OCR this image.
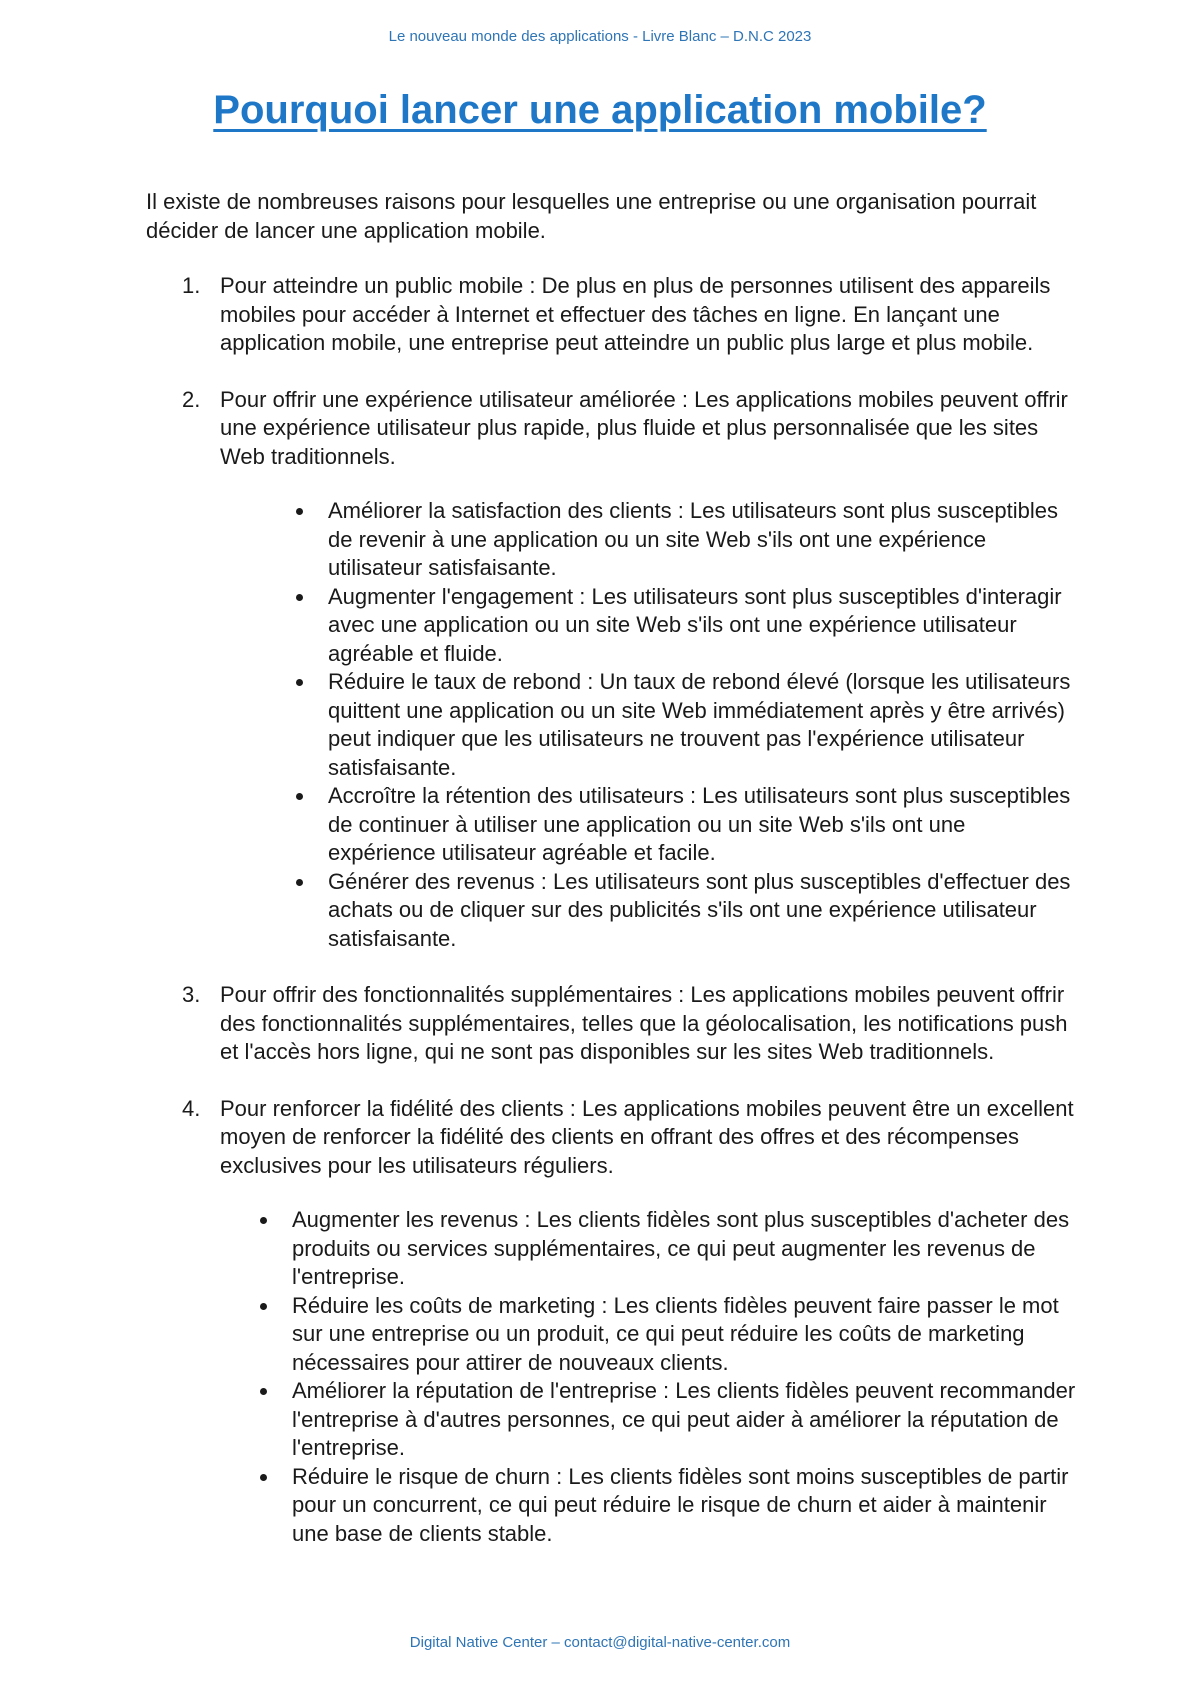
Le nouveau monde des applications - Livre Blanc – D.N.C 2023
Pourquoi lancer une application mobile?

Il existe de nombreuses raisons pour lesquelles une entreprise ou une organisation pourrait décider de lancer une application mobile.

1. Pour atteindre un public mobile : De plus en plus de personnes utilisent des appareils mobiles pour accéder à Internet et effectuer des tâches en ligne. En lançant une application mobile, une entreprise peut atteindre un public plus large et plus mobile.

2. Pour offrir une expérience utilisateur améliorée : Les applications mobiles peuvent offrir une expérience utilisateur plus rapide, plus fluide et plus personnalisée que les sites Web traditionnels.

Améliorer la satisfaction des clients : Les utilisateurs sont plus susceptibles de revenir à une application ou un site Web s'ils ont une expérience utilisateur satisfaisante.
Augmenter l'engagement : Les utilisateurs sont plus susceptibles d'interagir avec une application ou un site Web s'ils ont une expérience utilisateur agréable et fluide.
Réduire le taux de rebond : Un taux de rebond élevé (lorsque les utilisateurs quittent une application ou un site Web immédiatement après y être arrivés) peut indiquer que les utilisateurs ne trouvent pas l'expérience utilisateur satisfaisante.
Accroître la rétention des utilisateurs : Les utilisateurs sont plus susceptibles de continuer à utiliser une application ou un site Web s'ils ont une expérience utilisateur agréable et facile.
Générer des revenus : Les utilisateurs sont plus susceptibles d'effectuer des achats ou de cliquer sur des publicités s'ils ont une expérience utilisateur satisfaisante.
3. Pour offrir des fonctionnalités supplémentaires : Les applications mobiles peuvent offrir des fonctionnalités supplémentaires, telles que la géolocalisation, les notifications push et l'accès hors ligne, qui ne sont pas disponibles sur les sites Web traditionnels.

4. Pour renforcer la fidélité des clients : Les applications mobiles peuvent être un excellent moyen de renforcer la fidélité des clients en offrant des offres et des récompenses exclusives pour les utilisateurs réguliers.

Augmenter les revenus : Les clients fidèles sont plus susceptibles d'acheter des produits ou services supplémentaires, ce qui peut augmenter les revenus de l'entreprise.
Réduire les coûts de marketing : Les clients fidèles peuvent faire passer le mot sur une entreprise ou un produit, ce qui peut réduire les coûts de marketing nécessaires pour attirer de nouveaux clients.
Améliorer la réputation de l'entreprise : Les clients fidèles peuvent recommander l'entreprise à d'autres personnes, ce qui peut aider à améliorer la réputation de l'entreprise.
Réduire le risque de churn : Les clients fidèles sont moins susceptibles de partir pour un concurrent, ce qui peut réduire le risque de churn et aider à maintenir une base de clients stable.
Digital Native Center – contact@digital-native-center.com
